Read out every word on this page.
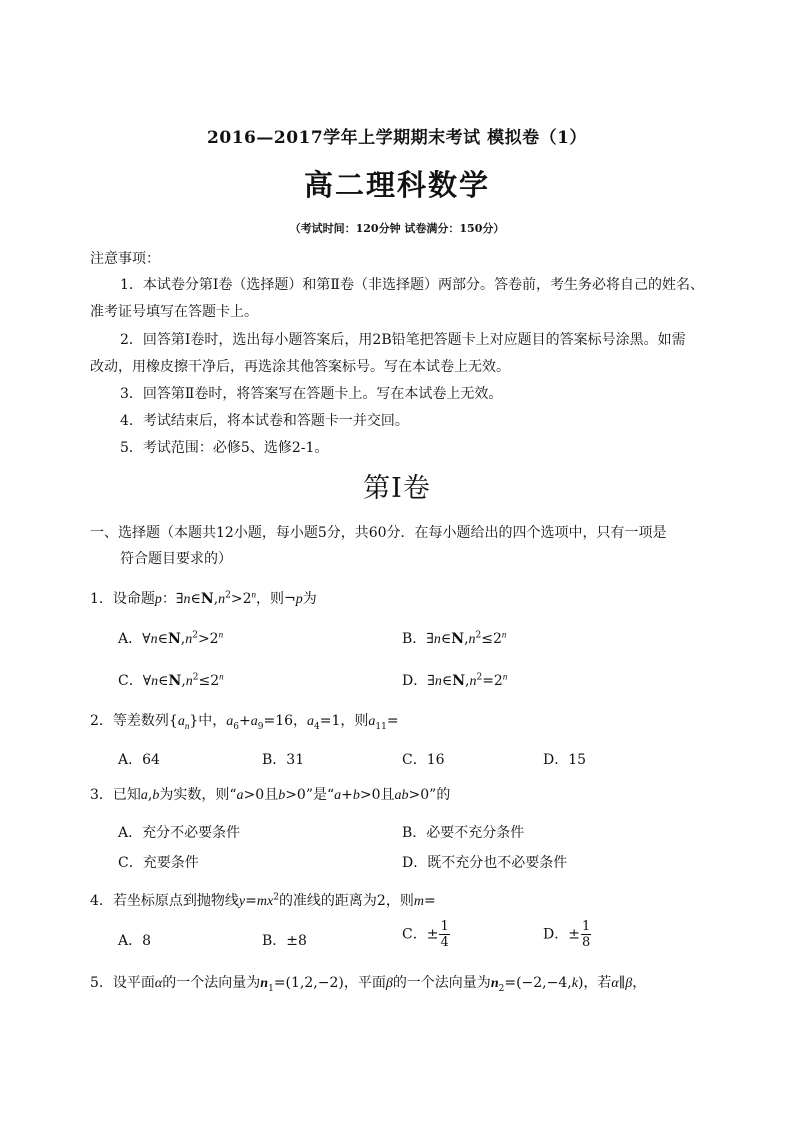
2016—2017学年上学期期末考试 模拟卷（1）
高二理科数学
（考试时间：120分钟 试卷满分：150分）
注意事项：
1．本试卷分第Ⅰ卷（选择题）和第Ⅱ卷（非选择题）两部分。答卷前，考生务必将自己的姓名、
准考证号填写在答题卡上。
2．回答第Ⅰ卷时，选出每小题答案后，用2B铅笔把答题卡上对应题目的答案标号涂黑。如需
改动，用橡皮擦干净后，再选涂其他答案标号。写在本试卷上无效。
3．回答第Ⅱ卷时，将答案写在答题卡上。写在本试卷上无效。
4．考试结束后，将本试卷和答题卡一并交回。
5．考试范围：必修5、选修2-1。
第Ⅰ卷
一、选择题（本题共12小题，每小题5分，共60分．在每小题给出的四个选项中，只有一项是
符合题目要求的）
1．设命题p：$\exists n\in N,n^2>2^n$，则¬p为
A．$\forall n\in N,n^2>2^n$	B．$\exists n\in N,n^2\le 2^n$
C．$\forall n\in N,n^2\le 2^n$	D．$\exists n\in N,n^2=2^n$
2．等差数列$\{a_n\}$中，$a_6+a_9=16$，$a_4=1$，则$a_{11}=$
A．64	B．31	C．16	D．15
3．已知a,b为实数，则“a>0且b>0”是“a+b>0且ab>0”的
A．充分不必要条件	B．必要不充分条件
C．充要条件	D．既不充分也不必要条件
4．若坐标原点到抛物线$y=mx^2$的准线的距离为2，则m=
A．8	B．±8	C．± $\frac{1}{4}$	D．± $\frac{1}{8}$
5．设平面α的一个法向量为$n_1=(1,2,-2)$，平面β的一个法向量为$n_2=(-2,-4,k)$，若α∥β，
